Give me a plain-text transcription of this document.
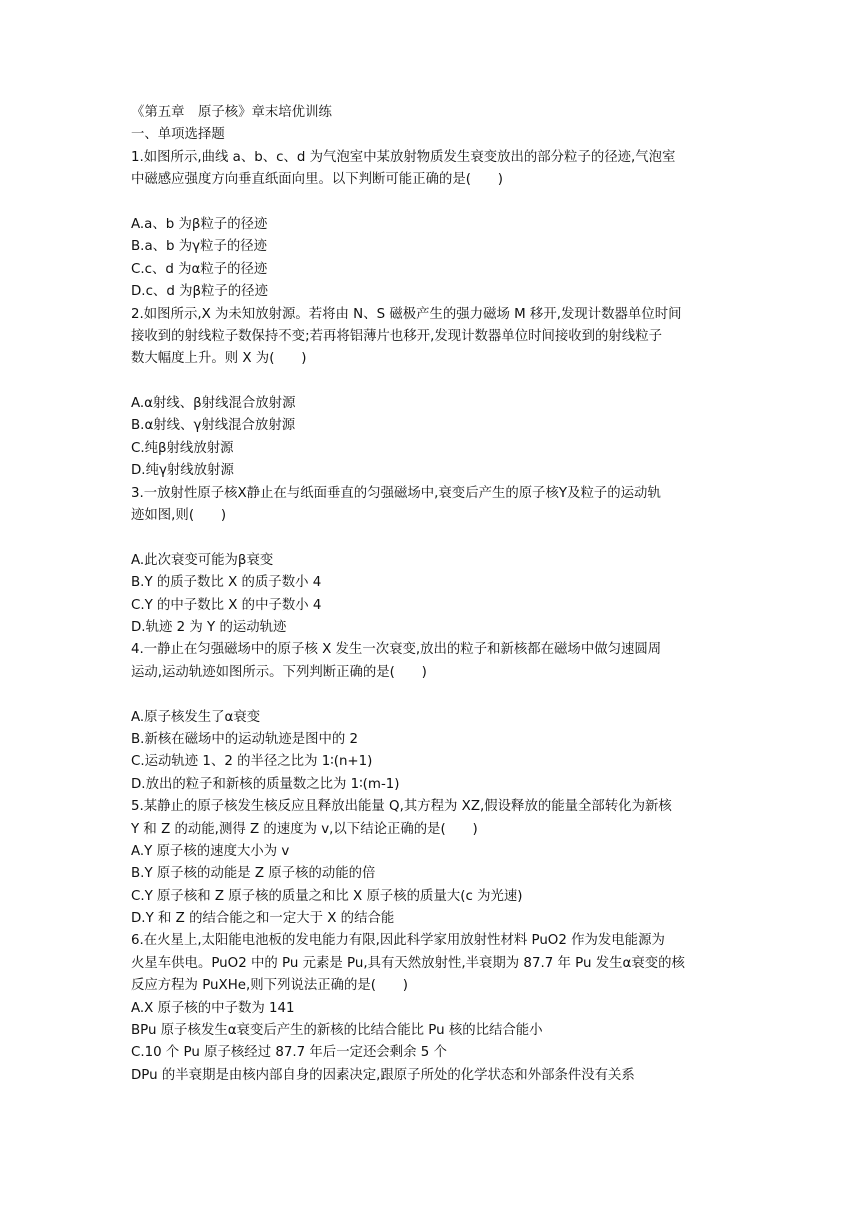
《第五章　原子核》章末培优训练
一、单项选择题
1.如图所示,曲线 a、b、c、d 为气泡室中某放射物质发生衰变放出的部分粒子的径迹,气泡室
中磁感应强度方向垂直纸面向里。以下判断可能正确的是(　　)
A.a、b 为β粒子的径迹
B.a、b 为γ粒子的径迹
C.c、d 为α粒子的径迹
D.c、d 为β粒子的径迹
2.如图所示,X 为未知放射源。若将由 N、S 磁极产生的强力磁场 M 移开,发现计数器单位时间
接收到的射线粒子数保持不变;若再将铝薄片也移开,发现计数器单位时间接收到的射线粒子
数大幅度上升。则 X 为(　　)
A.α射线、β射线混合放射源
B.α射线、γ射线混合放射源
C.纯β射线放射源
D.纯γ射线放射源
3.一放射性原子核X静止在与纸面垂直的匀强磁场中,衰变后产生的原子核Y及粒子的运动轨
迹如图,则(　　)
A.此次衰变可能为β衰变
B.Y 的质子数比 X 的质子数小 4
C.Y 的中子数比 X 的中子数小 4
D.轨迹 2 为 Y 的运动轨迹
4.一静止在匀强磁场中的原子核 X 发生一次衰变,放出的粒子和新核都在磁场中做匀速圆周
运动,运动轨迹如图所示。下列判断正确的是(　　)
A.原子核发生了α衰变
B.新核在磁场中的运动轨迹是图中的 2
C.运动轨迹 1、2 的半径之比为 1∶(n+1)
D.放出的粒子和新核的质量数之比为 1∶(m-1)
5.某静止的原子核发生核反应且释放出能量 Q,其方程为 XZ,假设释放的能量全部转化为新核
Y 和 Z 的动能,测得 Z 的速度为 v,以下结论正确的是(　　)
A.Y 原子核的速度大小为 v
B.Y 原子核的动能是 Z 原子核的动能的倍
C.Y 原子核和 Z 原子核的质量之和比 X 原子核的质量大(c 为光速)
D.Y 和 Z 的结合能之和一定大于 X 的结合能
6.在火星上,太阳能电池板的发电能力有限,因此科学家用放射性材料 PuO2 作为发电能源为
火星车供电。PuO2 中的 Pu 元素是 Pu,具有天然放射性,半衰期为 87.7 年 Pu 发生α衰变的核
反应方程为 PuXHe,则下列说法正确的是(　　)
A.X 原子核的中子数为 141
BPu 原子核发生α衰变后产生的新核的比结合能比 Pu 核的比结合能小
C.10 个 Pu 原子核经过 87.7 年后一定还会剩余 5 个
DPu 的半衰期是由核内部自身的因素决定,跟原子所处的化学状态和外部条件没有关系
